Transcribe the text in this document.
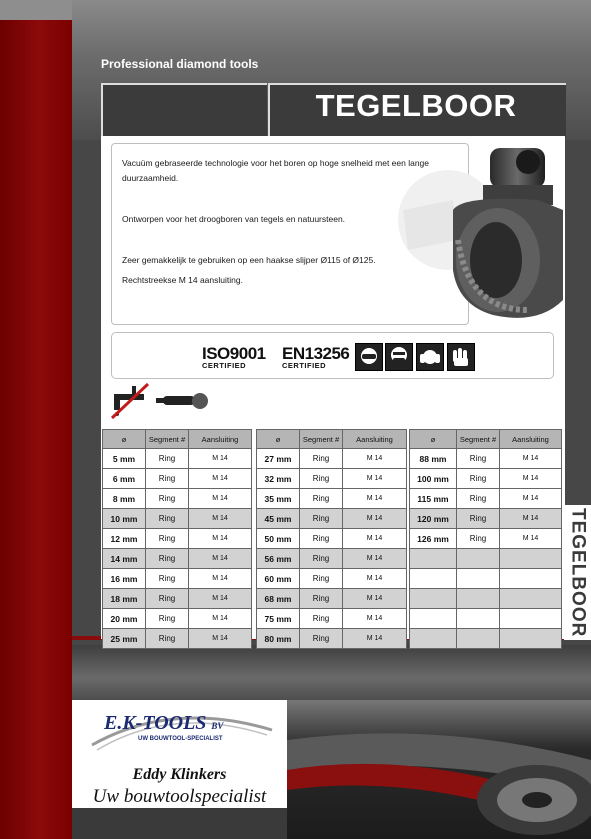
Professional diamond tools
TEGELBOOR
Vacuüm gebraseerde technologie voor het boren op hoge snelheid met een lange duurzaamheid.
Ontworpen voor het droogboren van tegels en natuursteen.
Zeer gemakkelijk te gebruiken op een haakse slijper Ø115 of Ø125.
Rechtstreekse M 14 aansluiting.
ISO9001
CERTIFIED
EN13256
CERTIFIED
ø	Segment #	Aansluiting
5 mm	Ring	M 14
6 mm	Ring	M 14
8 mm	Ring	M 14
10 mm	Ring	M 14
12 mm	Ring	M 14
14 mm	Ring	M 14
16 mm	Ring	M 14
18 mm	Ring	M 14
20 mm	Ring	M 14
25 mm	Ring	M 14
ø	Segment #	Aansluiting
27 mm	Ring	M 14
32 mm	Ring	M 14
35 mm	Ring	M 14
45 mm	Ring	M 14
50 mm	Ring	M 14
56 mm	Ring	M 14
60 mm	Ring	M 14
68 mm	Ring	M 14
75 mm	Ring	M 14
80 mm	Ring	M 14
ø	Segment #	Aansluiting
88 mm	Ring	M 14
100 mm	Ring	M 14
115 mm	Ring	M 14
120 mm	Ring	M 14
126 mm	Ring	M 14

		TEGELBOOR
E.K-TOOLS BV
UW BOUWTOOL-SPECIALIST
Eddy Klinkers
Uw bouwtoolspecialist
